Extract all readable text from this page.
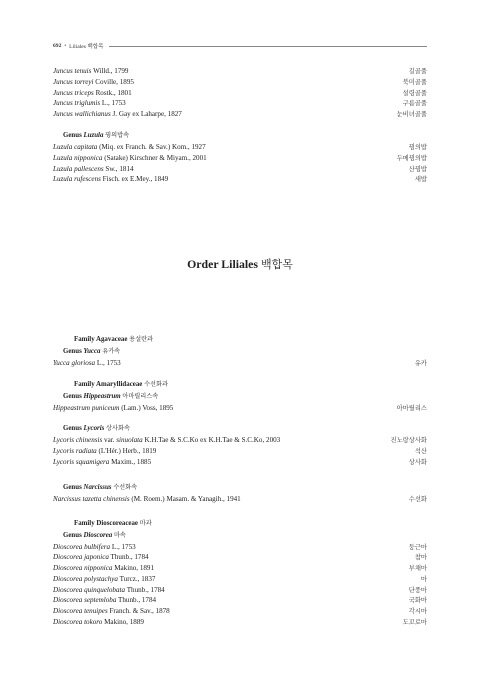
692 • Liliales 백합목
Juncus tenuis Willd., 1799	길골풀
Juncus torreyi Coville, 1895	북미골풀
Juncus triceps Rostk., 1801	설령골풀
Juncus triglumis L., 1753	구름골풀
Juncus wallichianus J. Gay ex Laharpe, 1827	눈비녀골풀
Genus Luzula 꿩의밥속
Luzula capitata (Miq. ex Franch. & Sav.) Kom., 1927	꿩의밥
Luzula nipponica (Satake) Kirschner & Miyam., 2001	두메꿩의밥
Luzula pallescens Sw., 1814	산꿩밥
Luzula rufescens Fisch. ex E.Mey., 1849	새밥
Order Liliales 백합목
Family Agavaceae 용설란과
Genus Yucca 유카속
Yucca gloriosa L., 1753	유카
Family Amaryllidaceae 수선화과
Genus Hippeastrum 아마릴리스속
Hippeastrum puniceum (Lam.) Voss, 1895	아마릴리스
Genus Lycoris 상사화속
Lycoris chinensis var. sinuolata K.H.Tae & S.C.Ko ex K.H.Tae & S.C.Ko, 2003	진노랑상사화
Lycoris radiata (L'Hér.) Herb., 1819	석산
Lycoris squamigera Maxim., 1885	상사화
Genus Narcissus 수선화속
Narcissus tazetta chinensis (M. Roem.) Masam. & Yanagih., 1941	수선화
Family Dioscoreaceae 마과
Genus Dioscorea 마속
Dioscorea bulbifera L., 1753	둥근마
Dioscorea japonica Thunb., 1784	참마
Dioscorea nipponica Makino, 1891	부채마
Dioscorea polystachya Turcz., 1837	마
Dioscorea quinquelobata Thunb., 1784	단풍마
Dioscorea septemloba Thunb., 1784	국화마
Dioscorea tenuipes Franch. & Sav., 1878	각시마
Dioscorea tokoro Makino, 1889	도꼬로마
